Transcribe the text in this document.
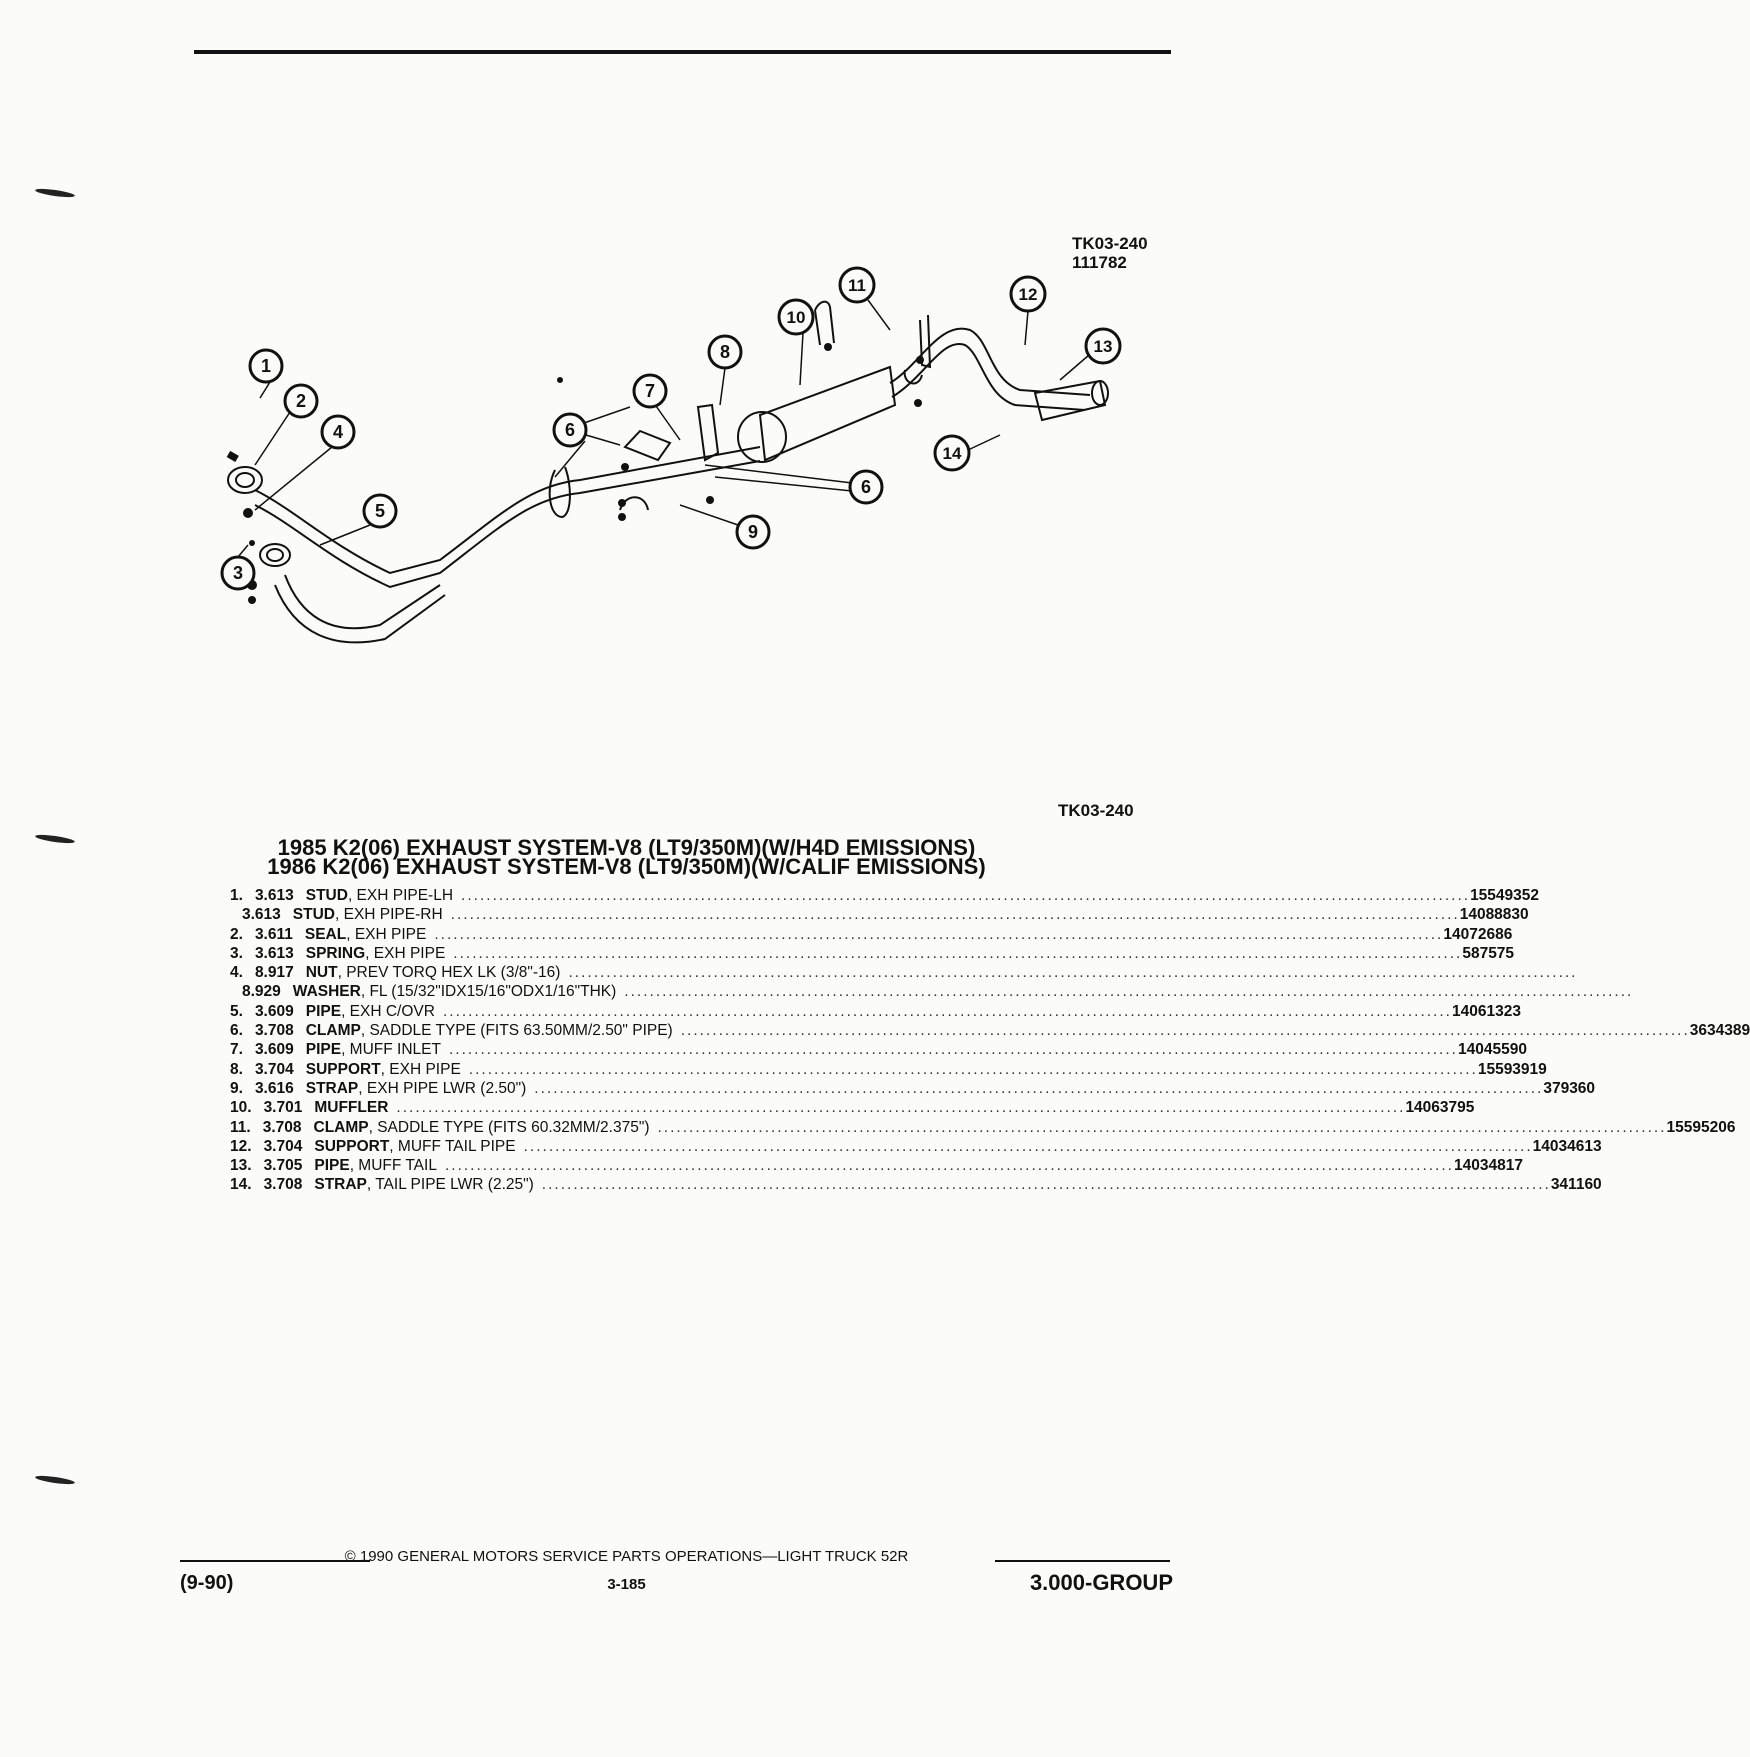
TK03-240
111782
1
2
3
4
5
6
6
7
8
9
10
11	12
13
14
TK03-240
1985 K2(06) EXHAUST SYSTEM-V8 (LT9/350M)(W/H4D EMISSIONS)
1986 K2(06) EXHAUST SYSTEM-V8 (LT9/350M)(W/CALIF EMISSIONS)
1. 3.613 STUD, EXH PIPE-LH ................................................................................................................................................................ 15549352
3.613 STUD, EXH PIPE-RH ................................................................................................................................................................ 14088830
2. 3.611 SEAL, EXH PIPE ................................................................................................................................................................ 14072686
3. 3.613 SPRING, EXH PIPE ................................................................................................................................................................ 587575
4. 8.917 NUT, PREV TORQ HEX LK (3/8"-16) ................................................................................................................................................................
8.929 WASHER, FL (15/32"IDX15/16"ODX1/16"THK) ................................................................................................................................................................
5. 3.609 PIPE, EXH C/OVR ................................................................................................................................................................ 14061323
6. 3.708 CLAMP, SADDLE TYPE (FITS 63.50MM/2.50" PIPE) ................................................................................................................................................................ 3634389
7. 3.609 PIPE, MUFF INLET ................................................................................................................................................................ 14045590
8. 3.704 SUPPORT, EXH PIPE ................................................................................................................................................................ 15593919
9. 3.616 STRAP, EXH PIPE LWR (2.50") ................................................................................................................................................................ 379360
10. 3.701 MUFFLER ................................................................................................................................................................ 14063795
11. 3.708 CLAMP, SADDLE TYPE (FITS 60.32MM/2.375") ................................................................................................................................................................ 15595206
12. 3.704 SUPPORT, MUFF TAIL PIPE ................................................................................................................................................................ 14034613
13. 3.705 PIPE, MUFF TAIL ................................................................................................................................................................ 14034817
14. 3.708 STRAP, TAIL PIPE LWR (2.25") ................................................................................................................................................................ 341160
© 1990 GENERAL MOTORS SERVICE PARTS OPERATIONS—LIGHT TRUCK 52R
(9-90)	3-185	3.000-GROUP
